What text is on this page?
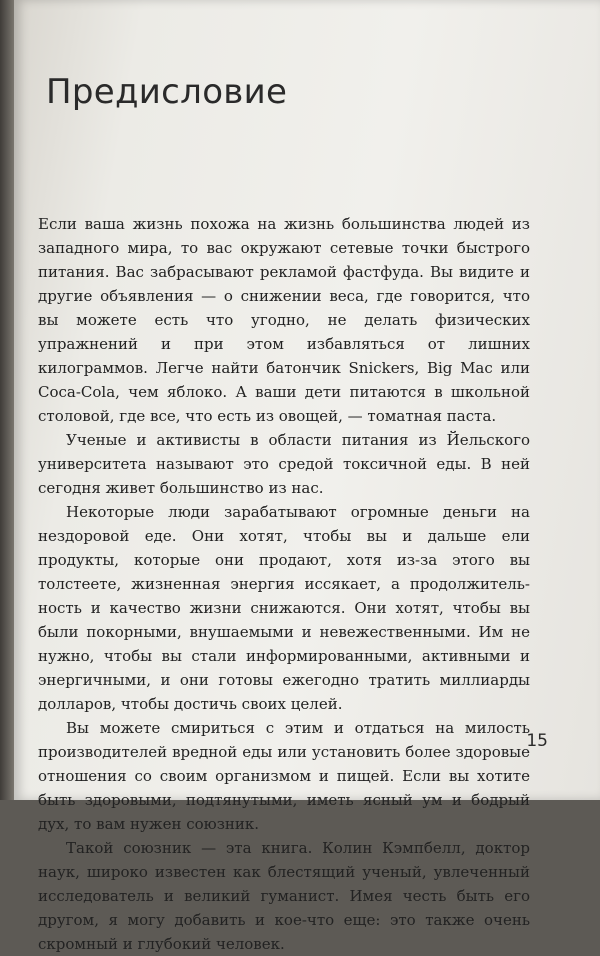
Предисловие

Если ваша жизнь похожа на жизнь большинства людей из западного мира, то вас окружают сетевые точки быстрого питания. Вас забрасывают рекламой фастфуда. Вы видите и другие объявления — о снижении веса, где говорится, что вы можете есть что угодно, не делать физических упражнений и при этом избавляться от лишних килограммов. Легче найти батончик Snickers, Big Mac или Coca-Cola, чем яблоко. А ваши дети питаются в школьной столовой, где все, что есть из овощей, — томатная паста.

Ученые и активисты в области питания из Йельского университета называют это средой токсичной еды. В ней сегодня живет большинство из нас.

Некоторые люди зарабатывают огромные деньги на нездоровой еде. Они хотят, чтобы вы и дальше ели продукты, которые они продают, хотя из-за этого вы толстеете, жизненная энергия иссякает, а продолжительность и качество жизни снижаются. Они хотят, чтобы вы были покорными, внушаемыми и невежественными. Им не нужно, чтобы вы стали информированными, активными и энергичными, и они готовы ежегодно тратить миллиарды долларов, чтобы достичь своих целей.

Вы можете смириться с этим и отдаться на милость производителей вредной еды или установить более здоровые отношения со своим организмом и пищей. Если вы хотите быть здоровыми, подтянутыми, иметь ясный ум и бодрый дух, то вам нужен союзник.

Такой союзник — эта книга. Колин Кэмпбелл, доктор наук, широко известен как блестящий ученый, увлеченный исследователь и великий гуманист. Имея честь быть его другом, я могу добавить и кое-что еще: это также очень скромный и глубокий человек.

15
